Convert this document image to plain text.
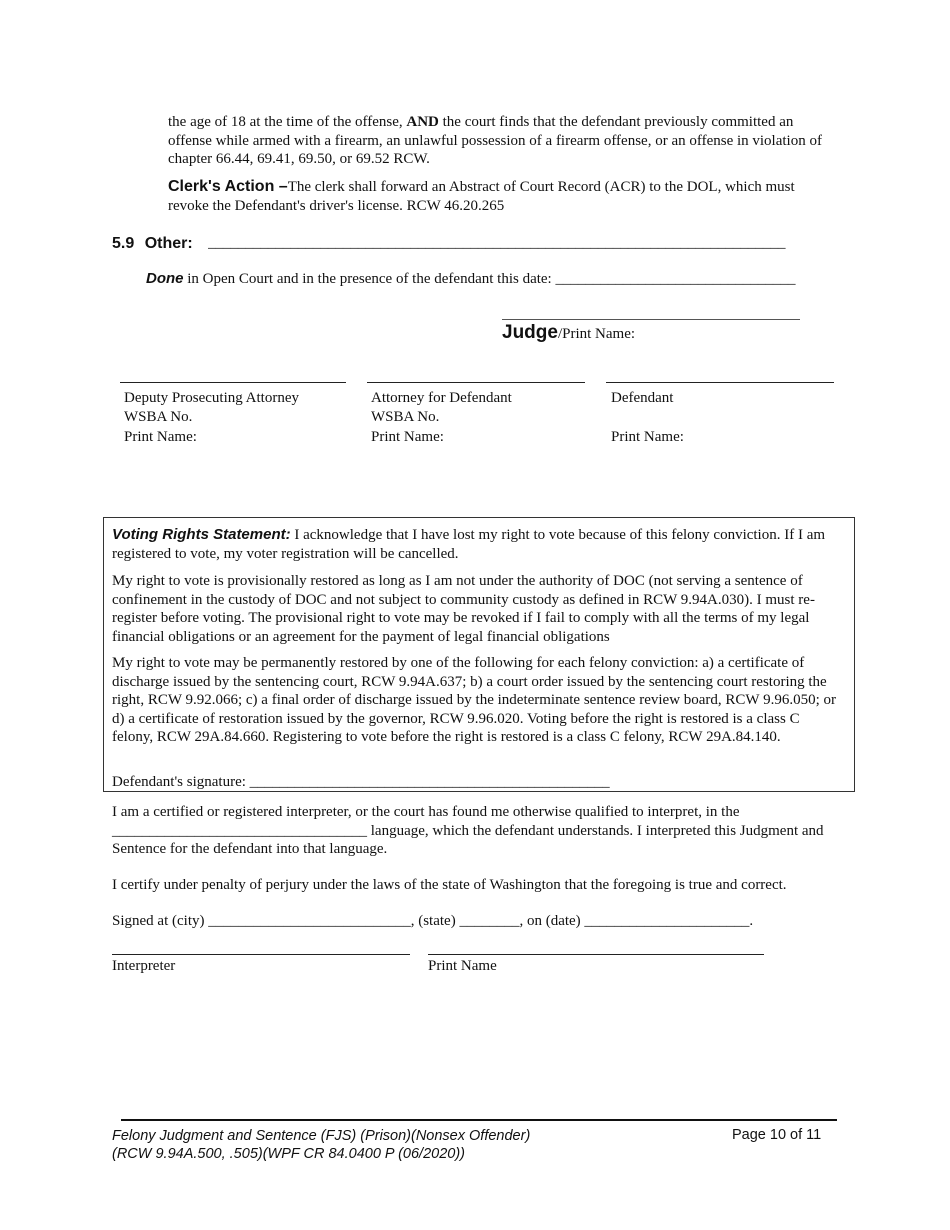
the age of 18 at the time of the offense, AND the court finds that the defendant previously committed an offense while armed with a firearm, an unlawful possession of a firearm offense, or an offense in violation of chapter 66.44, 69.41, 69.50, or 69.52 RCW.
Clerk's Action –The clerk shall forward an Abstract of Court Record (ACR) to the DOL, which must revoke the Defendant's driver's license. RCW 46.20.265
5.9 Other: _____________________________________________________________________________
Done in Open Court and in the presence of the defendant this date: ________________________________
Judge/Print Name:
Deputy Prosecuting Attorney
WSBA No.
Print Name:
Attorney for Defendant
WSBA No.
Print Name:
Defendant
Print Name:
Voting Rights Statement: I acknowledge that I have lost my right to vote because of this felony conviction. If I am registered to vote, my voter registration will be cancelled.
My right to vote is provisionally restored as long as I am not under the authority of DOC (not serving a sentence of confinement in the custody of DOC and not subject to community custody as defined in RCW 9.94A.030). I must re-register before voting. The provisional right to vote may be revoked if I fail to comply with all the terms of my legal financial obligations or an agreement for the payment of legal financial obligations
My right to vote may be permanently restored by one of the following for each felony conviction: a) a certificate of discharge issued by the sentencing court, RCW 9.94A.637; b) a court order issued by the sentencing court restoring the right, RCW 9.92.066; c) a final order of discharge issued by the indeterminate sentence review board, RCW 9.96.050; or d) a certificate of restoration issued by the governor, RCW 9.96.020. Voting before the right is restored is a class C felony, RCW 29A.84.660. Registering to vote before the right is restored is a class C felony, RCW 29A.84.140.
Defendant's signature: ________________________________________________
I am a certified or registered interpreter, or the court has found me otherwise qualified to interpret, in the __________________________________ language, which the defendant understands. I interpreted this Judgment and Sentence for the defendant into that language.
I certify under penalty of perjury under the laws of the state of Washington that the foregoing is true and correct.
Signed at (city) ___________________________, (state) ________, on (date) ______________________.
Interpreter	Print Name
Felony Judgment and Sentence (FJS) (Prison)(Nonsex Offender)
(RCW 9.94A.500, .505)(WPF CR 84.0400 P (06/2020))
Page 10 of 11
